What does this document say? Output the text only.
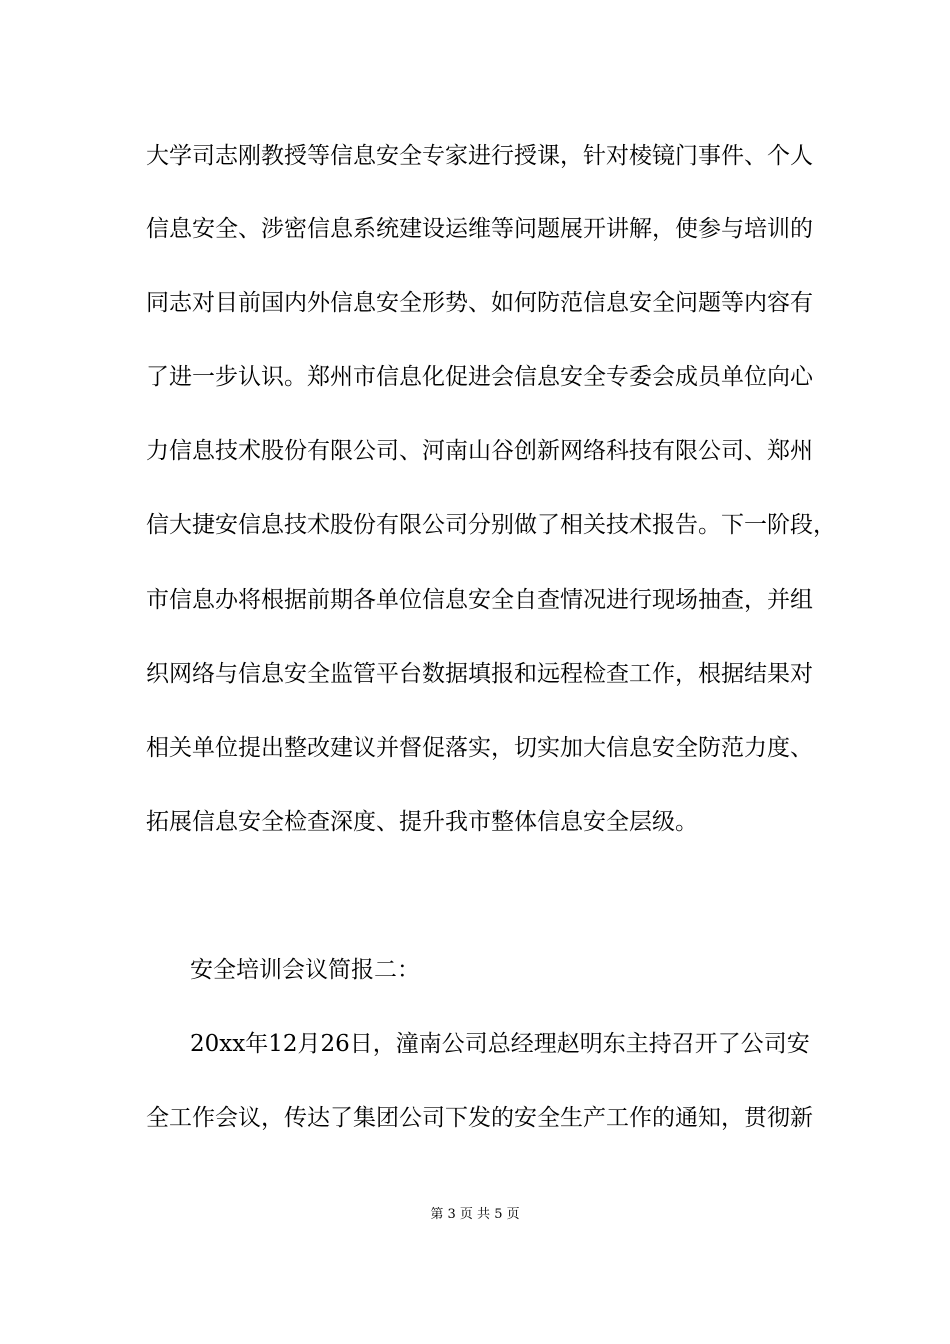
大学司志刚教授等信息安全专家进行授课，针对棱镜门事件、个人
信息安全、涉密信息系统建设运维等问题展开讲解，使参与培训的
同志对目前国内外信息安全形势、如何防范信息安全问题等内容有
了进一步认识。郑州市信息化促进会信息安全专委会成员单位向心
力信息技术股份有限公司、河南山谷创新网络科技有限公司、郑州
信大捷安信息技术股份有限公司分别做了相关技术报告。下一阶段，
市信息办将根据前期各单位信息安全自查情况进行现场抽查，并组
织网络与信息安全监管平台数据填报和远程检查工作，根据结果对
相关单位提出整改建议并督促落实，切实加大信息安全防范力度、
拓展信息安全检查深度、提升我市整体信息安全层级。
安全培训会议简报二：
20xx年12月26日，潼南公司总经理赵明东主持召开了公司安
全工作会议，传达了集团公司下发的安全生产工作的通知，贯彻新
第 3 页 共 5 页
